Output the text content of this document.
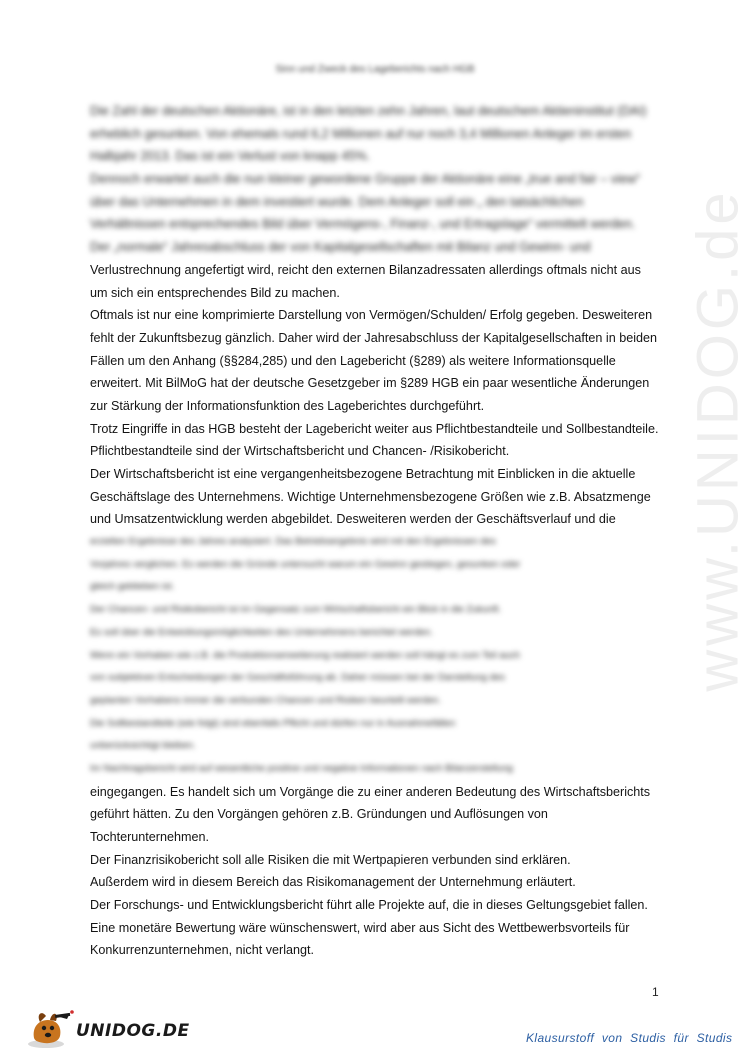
www.UNIDOG.de
Sinn und Zweck des Lageberichts nach HGB
Die Zahl der deutschen Aktionäre, ist in den letzten zehn Jahren, laut deutschem Aktieninstitut (DAI)
erheblich gesunken. Von ehemals rund 6,2 Millionen auf nur noch 3,4 Millionen Anleger im ersten
Halbjahr 2013. Das ist ein Verlust von knapp 45%.
Dennoch erwartet auch die nun kleiner gewordene Gruppe der Aktionäre eine „true and fair – view“
über das Unternehmen in dem investiert wurde. Dem Anleger soll ein „ den tatsächlichen
Verhältnissen entsprechendes Bild über Vermögens-, Finanz-, und Ertragslage“ vermittelt werden.
Der „normale“ Jahresabschluss der von Kapitalgesellschaften mit Bilanz und Gewinn- und
Verlustrechnung angefertigt wird, reicht den externen Bilanzadressaten allerdings oftmals nicht aus
um sich ein entsprechendes Bild zu machen.
Oftmals ist nur eine komprimierte Darstellung von Vermögen/Schulden/ Erfolg gegeben. Desweiteren
fehlt der Zukunftsbezug gänzlich. Daher wird der Jahresabschluss der Kapitalgesellschaften in beiden
Fällen um den Anhang (§§284,285) und den Lagebericht (§289) als weitere Informationsquelle
erweitert. Mit BilMoG hat der deutsche Gesetzgeber im §289 HGB ein paar wesentliche Änderungen
zur Stärkung der Informationsfunktion des Lageberichtes durchgeführt.
Trotz Eingriffe in das HGB besteht der Lagebericht weiter aus Pflichtbestandteile und Sollbestandteile.
Pflichtbestandteile sind der Wirtschaftsbericht und Chancen- /Risikobericht.
Der Wirtschaftsbericht ist eine vergangenheitsbezogene Betrachtung mit Einblicken in die aktuelle
Geschäftslage des Unternehmens. Wichtige Unternehmensbezogene Größen wie z.B. Absatzmenge
und Umsatzentwicklung werden abgebildet. Desweiteren werden der Geschäftsverlauf und die
erzielten Ergebnisse des Jahres analysiert. Das Betriebsergebnis wird mit den Ergebnissen des
Vorjahres verglichen. Es werden die Gründe untersucht warum ein Gewinn gestiegen, gesunken oder
gleich geblieben ist.
Der Chancen- und Risikobericht ist im Gegensatz zum Wirtschaftsbericht ein Blick in die Zukunft.
Es soll über die Entwicklungsmöglichkeiten des Unternehmens berichtet werden.
Wenn ein Vorhaben wie z.B. die Produktionserweiterung realisiert werden soll hängt es zum Teil auch
von subjektiven Entscheidungen der Geschäftsführung ab. Daher müssen bei der Darstellung des
geplanten Vorhabens immer die verbunden Chancen und Risiken beurteilt werden.
Die Sollbestandteile (wie folgt) sind ebenfalls Pflicht und dürfen nur in Ausnahmefällen
unberücksichtigt bleiben.
Im Nachtragsbericht wird auf wesentliche positive und negative Informationen nach Bilanzerstellung
eingegangen. Es handelt sich um Vorgänge die zu einer anderen Bedeutung des Wirtschaftsberichts
geführt hätten. Zu den Vorgängen gehören z.B. Gründungen und Auflösungen von
Tochterunternehmen.
Der Finanzrisikobericht soll alle Risiken die mit Wertpapieren verbunden sind erklären.
Außerdem wird in diesem Bereich das Risikomanagement der Unternehmung erläutert.
Der Forschungs- und Entwicklungsbericht führt alle Projekte auf, die in dieses Geltungsgebiet fallen.
Eine monetäre Bewertung wäre wünschenswert, wird aber aus Sicht des Wettbewerbsvorteils für
Konkurrenzunternehmen, nicht verlangt.
1
UNIDOG.DE	Klausurstoff von Studis für Studis
